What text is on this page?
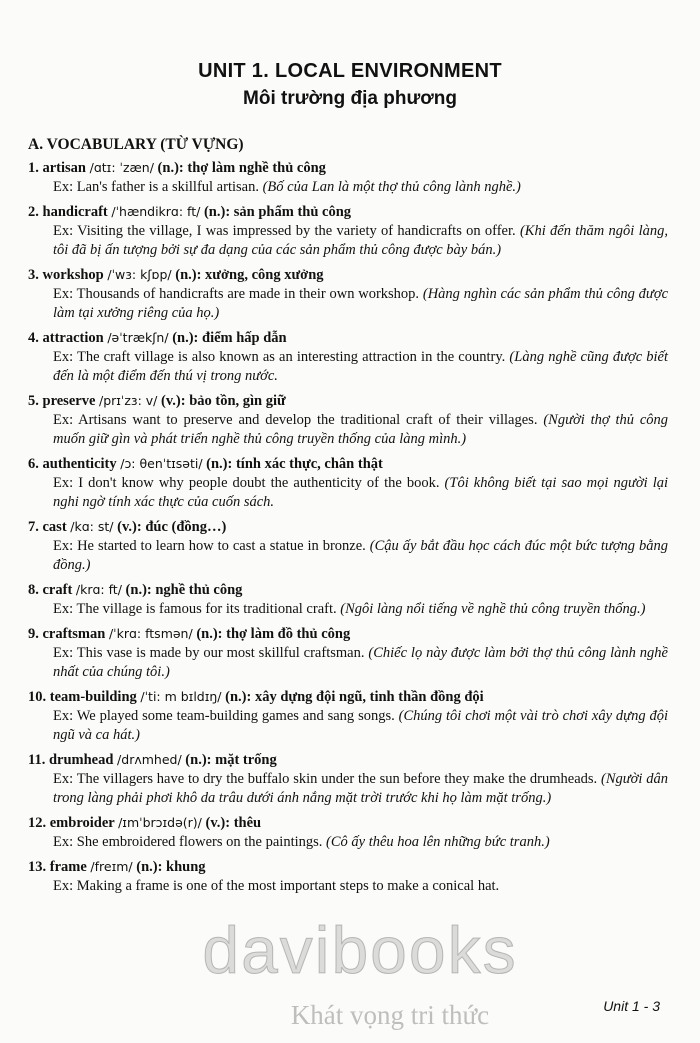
UNIT 1. LOCAL ENVIRONMENT
Môi trường địa phương
A. VOCABULARY (TỪ VỰNG)
1. artisan /ɑtɪ: ˈzæn/ (n.): thợ làm nghề thủ công
Ex: Lan's father is a skillful artisan. (Bố của Lan là một thợ thủ công lành nghề.)
2. handicraft /ˈhændikrɑ: ft/ (n.): sản phẩm thủ công
Ex: Visiting the village, I was impressed by the variety of handicrafts on offer. (Khi đến thăm ngôi làng, tôi đã bị ấn tượng bởi sự đa dạng của các sản phẩm thủ công được bày bán.)
3. workshop /ˈwɜ: kʃɒp/ (n.): xưởng, công xưởng
Ex: Thousands of handicrafts are made in their own workshop. (Hàng nghìn các sản phẩm thủ công được làm tại xưởng riêng của họ.)
4. attraction /əˈtrækʃn/ (n.): điểm hấp dẫn
Ex: The craft village is also known as an interesting attraction in the country. (Làng nghề cũng được biết đến là một điểm đến thú vị trong nước.
5. preserve /prɪˈzɜ: v/ (v.): bảo tồn, gìn giữ
Ex: Artisans want to preserve and develop the traditional craft of their villages. (Người thợ thủ công muốn giữ gìn và phát triển nghề thủ công truyền thống của làng mình.)
6. authenticity /ɔ: θenˈtɪsəti/ (n.): tính xác thực, chân thật
Ex: I don't know why people doubt the authenticity of the book. (Tôi không biết tại sao mọi người lại nghi ngờ tính xác thực của cuốn sách.
7. cast /kɑ: st/ (v.): đúc (đồng…)
Ex: He started to learn how to cast a statue in bronze. (Cậu ấy bắt đầu học cách đúc một bức tượng bằng đồng.)
8. craft /krɑ: ft/ (n.): nghề thủ công
Ex: The village is famous for its traditional craft. (Ngôi làng nổi tiếng về nghề thủ công truyền thống.)
9. craftsman /ˈkrɑ: ftsmən/ (n.): thợ làm đồ thủ công
Ex: This vase is made by our most skillful craftsman. (Chiếc lọ này được làm bởi thợ thủ công lành nghề nhất của chúng tôi.)
10. team-building /ˈti: m bɪldɪŋ/ (n.): xây dựng đội ngũ, tinh thần đồng đội
Ex: We played some team-building games and sang songs. (Chúng tôi chơi một vài trò chơi xây dựng đội ngũ và ca hát.)
11. drumhead /drʌmhed/ (n.): mặt trống
Ex: The villagers have to dry the buffalo skin under the sun before they make the drumheads. (Người dân trong làng phải phơi khô da trâu dưới ánh nắng mặt trời trước khi họ làm mặt trống.)
12. embroider /ɪmˈbrɔɪdə(r)/ (v.): thêu
Ex: She embroidered flowers on the paintings. (Cô ấy thêu hoa lên những bức tranh.)
13. frame /freɪm/ (n.): khung
Ex: Making a frame is one of the most important steps to make a conical hat.
davibooks
Khát vọng tri thức	Unit 1 - 3
